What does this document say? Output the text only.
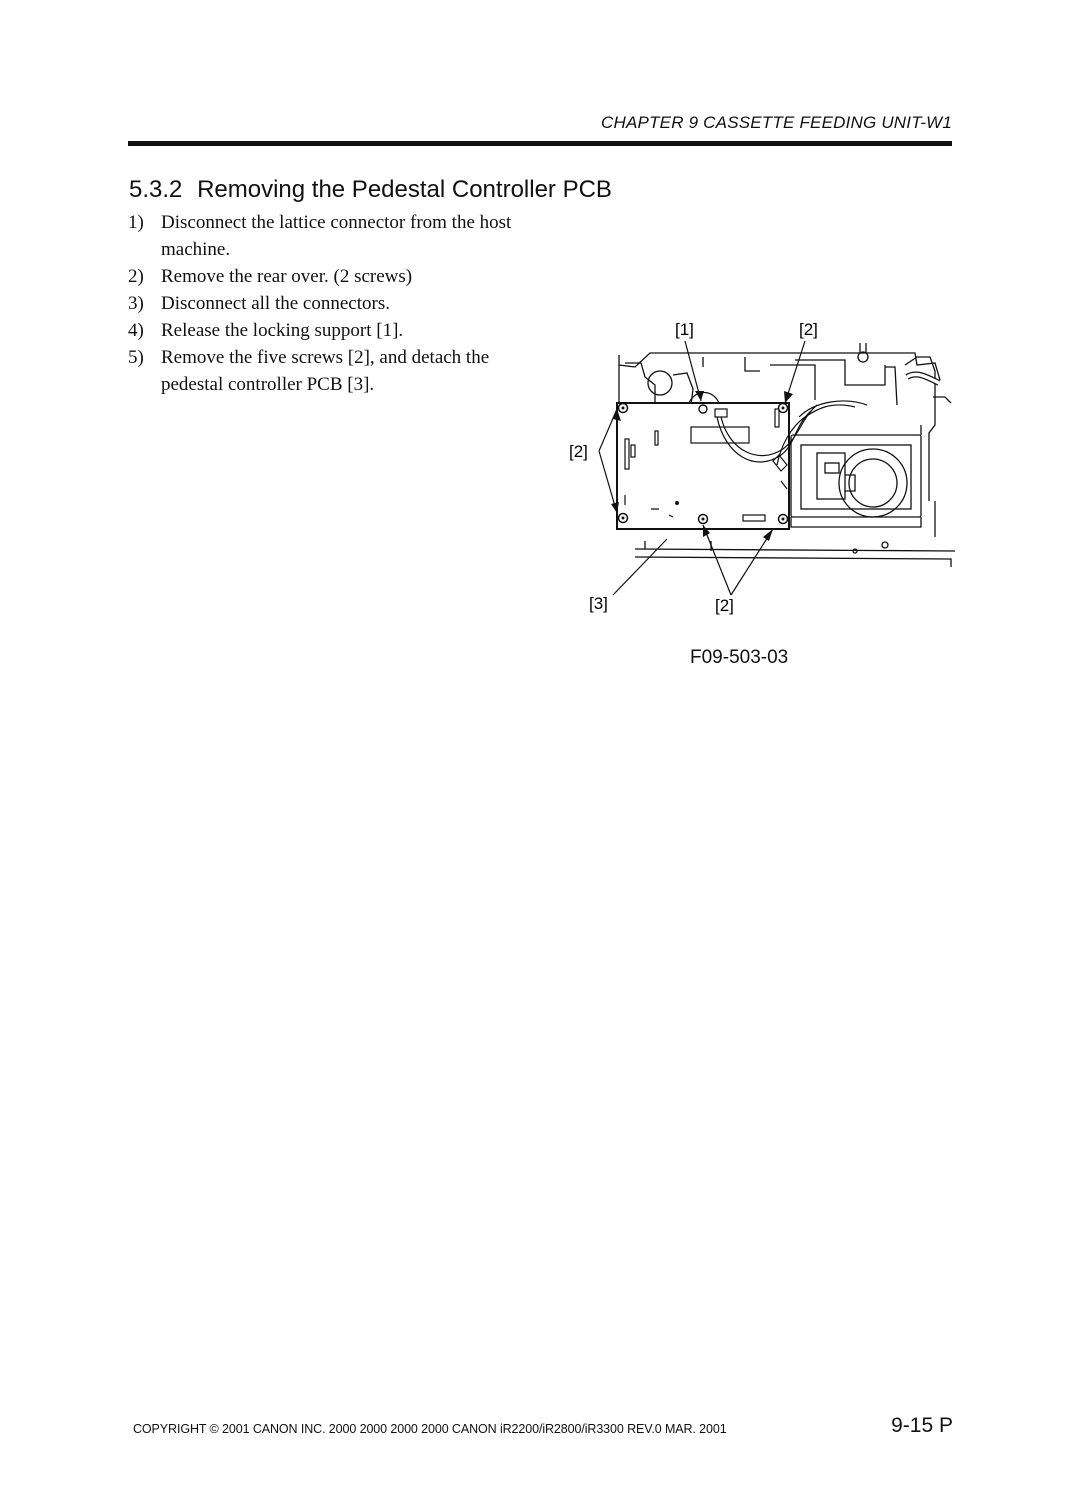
CHAPTER 9 CASSETTE FEEDING UNIT-W1
5.3.2 Removing the Pedestal Controller PCB
1) Disconnect the lattice connector from the host machine.
2) Remove the rear over. (2 screws)
3) Disconnect all the connectors.
4) Release the locking support [1].
5) Remove the five screws [2], and detach the pedestal controller PCB [3].
[1]	[2]
[2]
[3]	[2]
F09-503-03
COPYRIGHT © 2001 CANON INC. 2000 2000 2000 2000 CANON iR2200/iR2800/iR3300 REV.0 MAR. 2001	9-15 P
